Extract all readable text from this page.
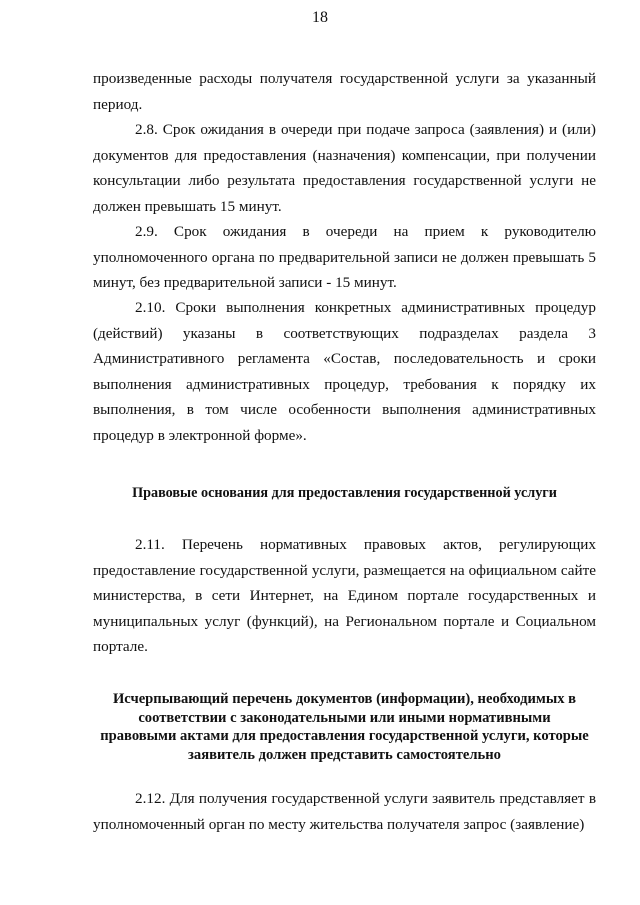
18

произведенные расходы получателя государственной услуги за указанный период.

2.8. Срок ожидания в очереди при подаче запроса (заявления) и (или) документов для предоставления (назначения) компенсации, при получении консультации либо результата предоставления государственной услуги не должен превышать 15 минут.

2.9. Срок ожидания в очереди на прием к руководителю уполномоченного органа по предварительной записи не должен превышать 5 минут, без предварительной записи - 15 минут.

2.10. Сроки выполнения конкретных административных процедур (действий) указаны в соответствующих подразделах раздела 3 Административного регламента «Состав, последовательность и сроки выполнения административных процедур, требования к порядку их выполнения, в том числе особенности выполнения административных процедур в электронной форме».

Правовые основания для предоставления государственной услуги

2.11. Перечень нормативных правовых актов, регулирующих предоставление государственной услуги, размещается на официальном сайте министерства, в сети Интернет, на Едином портале государственных и муниципальных услуг (функций), на Региональном портале и Социальном портале.

Исчерпывающий перечень документов (информации), необходимых в соответствии с законодательными или иными нормативными правовыми актами для предоставления государственной услуги, которые заявитель должен представить самостоятельно

2.12. Для получения государственной услуги заявитель представляет в уполномоченный орган по месту жительства получателя запрос (заявление)
